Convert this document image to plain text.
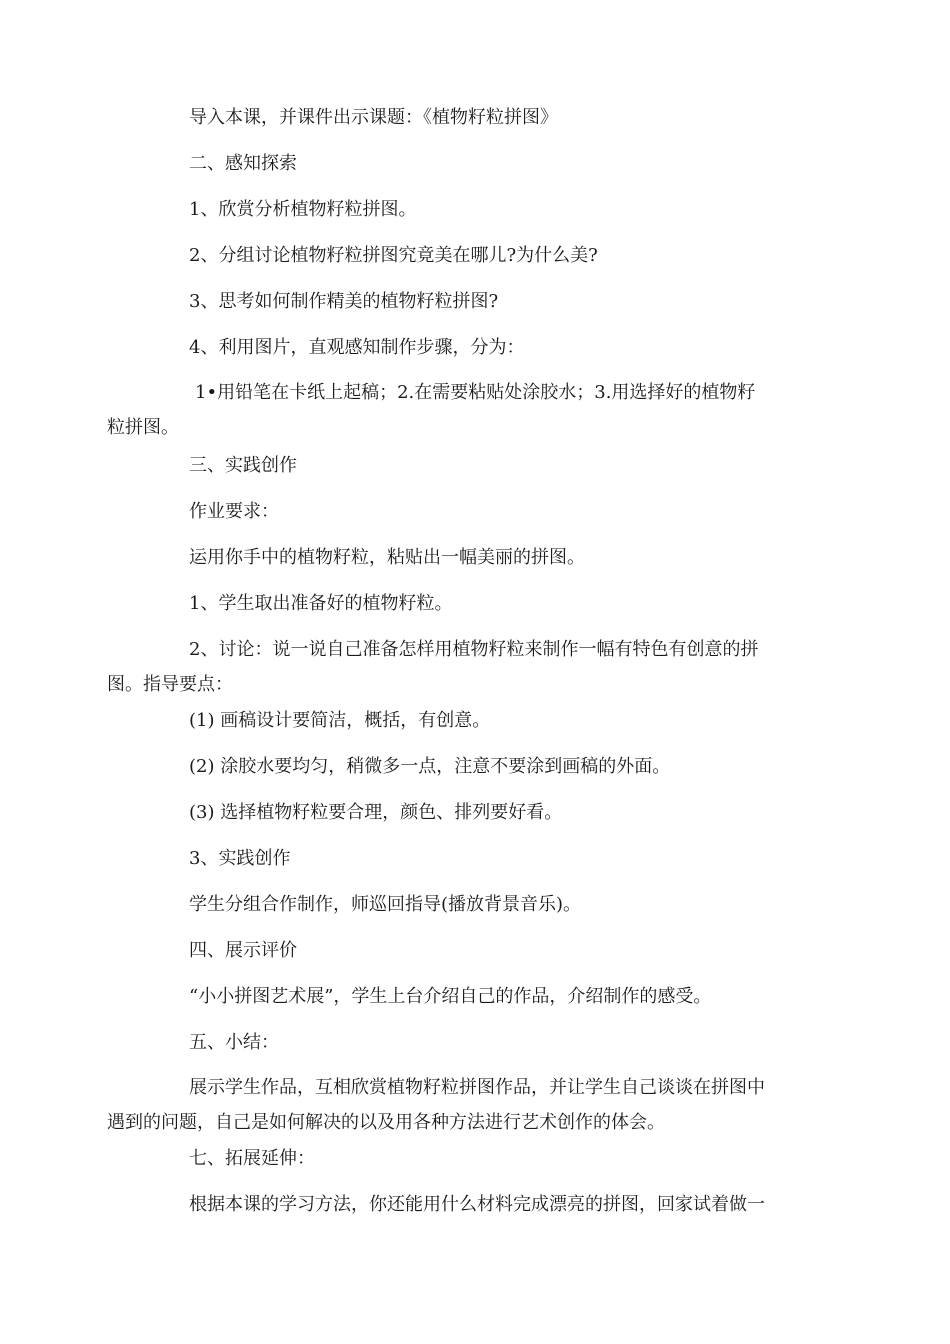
导入本课，并课件出示课题：《植物籽粒拼图》
二、感知探索
1、欣赏分析植物籽粒拼图。
2、分组讨论植物籽粒拼图究竟美在哪儿?为什么美?
3、思考如何制作精美的植物籽粒拼图?
4、利用图片，直观感知制作步骤，分为：
1•用铅笔在卡纸上起稿；2.在需要粘贴处涂胶水；3.用选择好的植物籽
粒拼图。
三、实践创作
作业要求：
运用你手中的植物籽粒，粘贴出一幅美丽的拼图。
1、学生取出准备好的植物籽粒。
2、讨论：说一说自己准备怎样用植物籽粒来制作一幅有特色有创意的拼
图。指导要点：
(1) 画稿设计要简洁，概括，有创意。
(2) 涂胶水要均匀，稍微多一点，注意不要涂到画稿的外面。
(3) 选择植物籽粒要合理，颜色、排列要好看。
3、实践创作
学生分组合作制作，师巡回指导(播放背景音乐)。
四、展示评价
“小小拼图艺术展”，学生上台介绍自己的作品，介绍制作的感受。
五、小结：
展示学生作品，互相欣赏植物籽粒拼图作品，并让学生自己谈谈在拼图中
遇到的问题，自己是如何解决的以及用各种方法进行艺术创作的体会。
七、拓展延伸：
根据本课的学习方法，你还能用什么材料完成漂亮的拼图，回家试着做一
